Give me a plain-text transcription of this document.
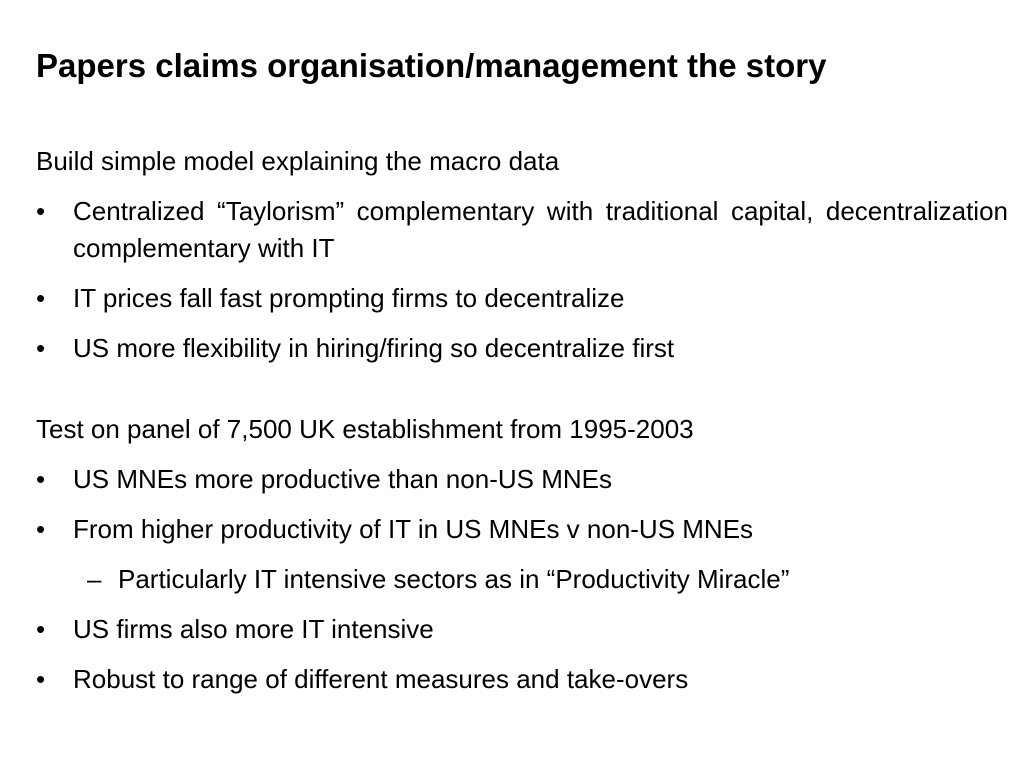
Papers claims organisation/management the story

Build simple model explaining the macro data

•	Centralized “Taylorism” complementary with traditional capital, decentralization complementary with IT
•	IT prices fall fast prompting firms to decentralize
•	US more flexibility in hiring/firing so decentralize first

Test on panel of 7,500 UK establishment from 1995-2003

•	US MNEs more productive than non-US MNEs
•	From higher productivity of IT in US MNEs v non-US MNEs
– Particularly IT intensive sectors as in “Productivity Miracle”
•	US firms also more IT intensive
•	Robust to range of different measures and take-overs
